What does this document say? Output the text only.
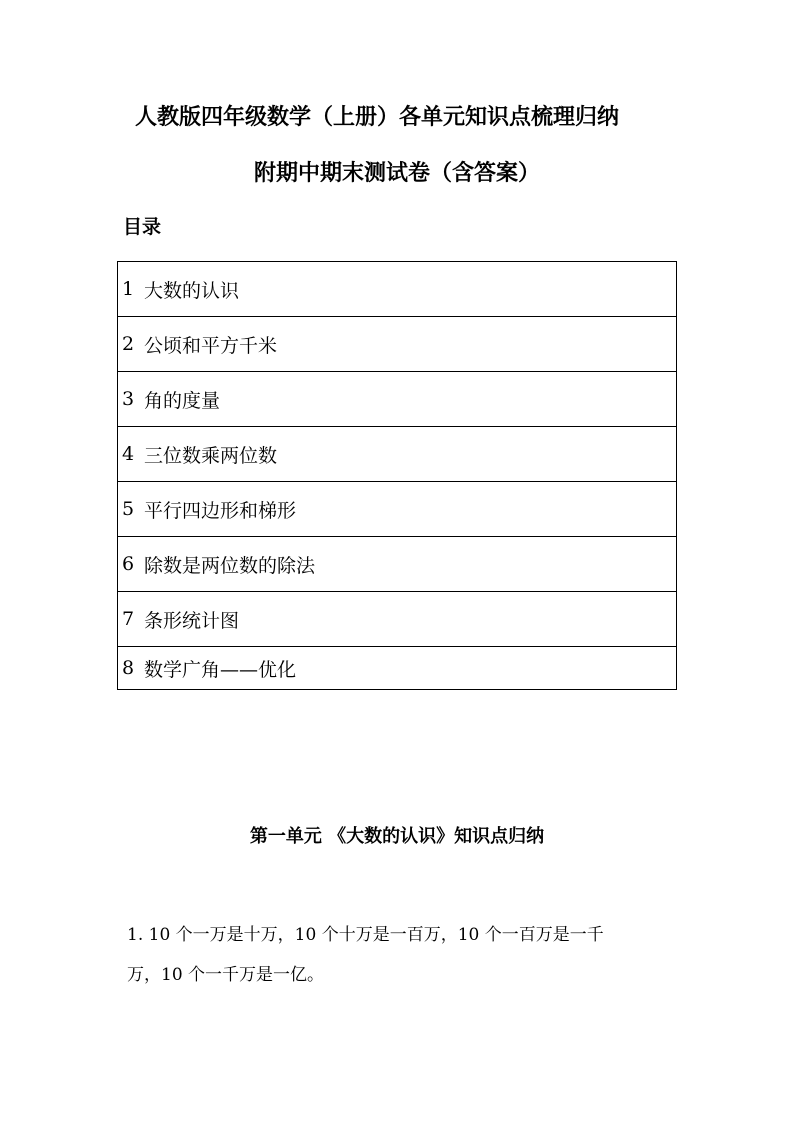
人教版四年级数学（上册）各单元知识点梳理归纳
附期中期末测试卷（含答案）
目录
1 大数的认识
2 公顷和平方千米
3 角的度量
4 三位数乘两位数
5 平行四边形和梯形
6 除数是两位数的除法
7 条形统计图
8 数学广角——优化
第一单元 《大数的认识》知识点归纳
1. 10 个一万是十万，10 个十万是一百万，10 个一百万是一千
万，10 个一千万是一亿。
